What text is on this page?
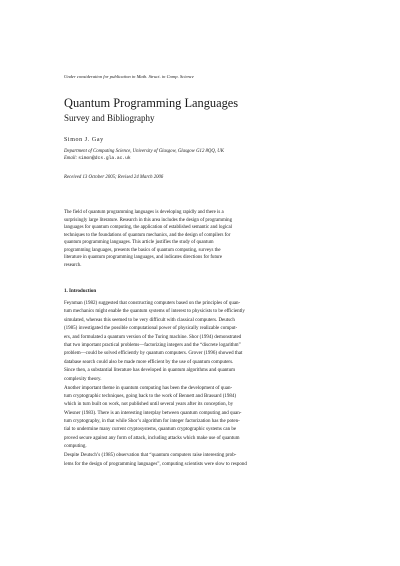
Under consideration for publication in Math. Struct. in Comp. Science
Quantum Programming Languages
Survey and Bibliography
Simon J. Gay
Department of Computing Science, University of Glasgow, Glasgow G12 8QQ, UK
Email: simon@dcs.gla.ac.uk
Received 13 October 2005; Revised 24 March 2006
The field of quantum programming languages is developing rapidly and there is a
surprisingly large literature. Research in this area includes the design of programming
languages for quantum computing, the application of established semantic and logical
techniques to the foundations of quantum mechanics, and the design of compilers for
quantum programming languages. This article justifies the study of quantum
programming languages, presents the basics of quantum computing, surveys the
literature in quantum programming languages, and indicates directions for future
research.
1. Introduction
Feynman (1982) suggested that constructing computers based on the principles of quan-
tum mechanics might enable the quantum systems of interest to physicists to be efficiently
simulated, whereas this seemed to be very difficult with classical computers. Deutsch
(1985) investigated the possible computational power of physically realizable comput-
ers, and formulated a quantum version of the Turing machine. Shor (1994) demonstrated
that two important practical problems—factorizing integers and the “discrete logarithm”
problem—could be solved efficiently by quantum computers. Grover (1996) showed that
database search could also be made more efficient by the use of quantum computers.
Since then, a substantial literature has developed in quantum algorithms and quantum
complexity theory.
Another important theme in quantum computing has been the development of quan-
tum cryptographic techniques, going back to the work of Bennett and Brassard (1984)
which in turn built on work, not published until several years after its conception, by
Wiesner (1983). There is an interesting interplay between quantum computing and quan-
tum cryptography, in that while Shor’s algorithm for integer factorization has the poten-
tial to undermine many current cryptosystems, quantum cryptographic systems can be
proved secure against any form of attack, including attacks which make use of quantum
computing.
Despite Deutsch’s (1985) observation that “quantum computers raise interesting prob-
lems for the design of programming languages”, computing scientists were slow to respond
